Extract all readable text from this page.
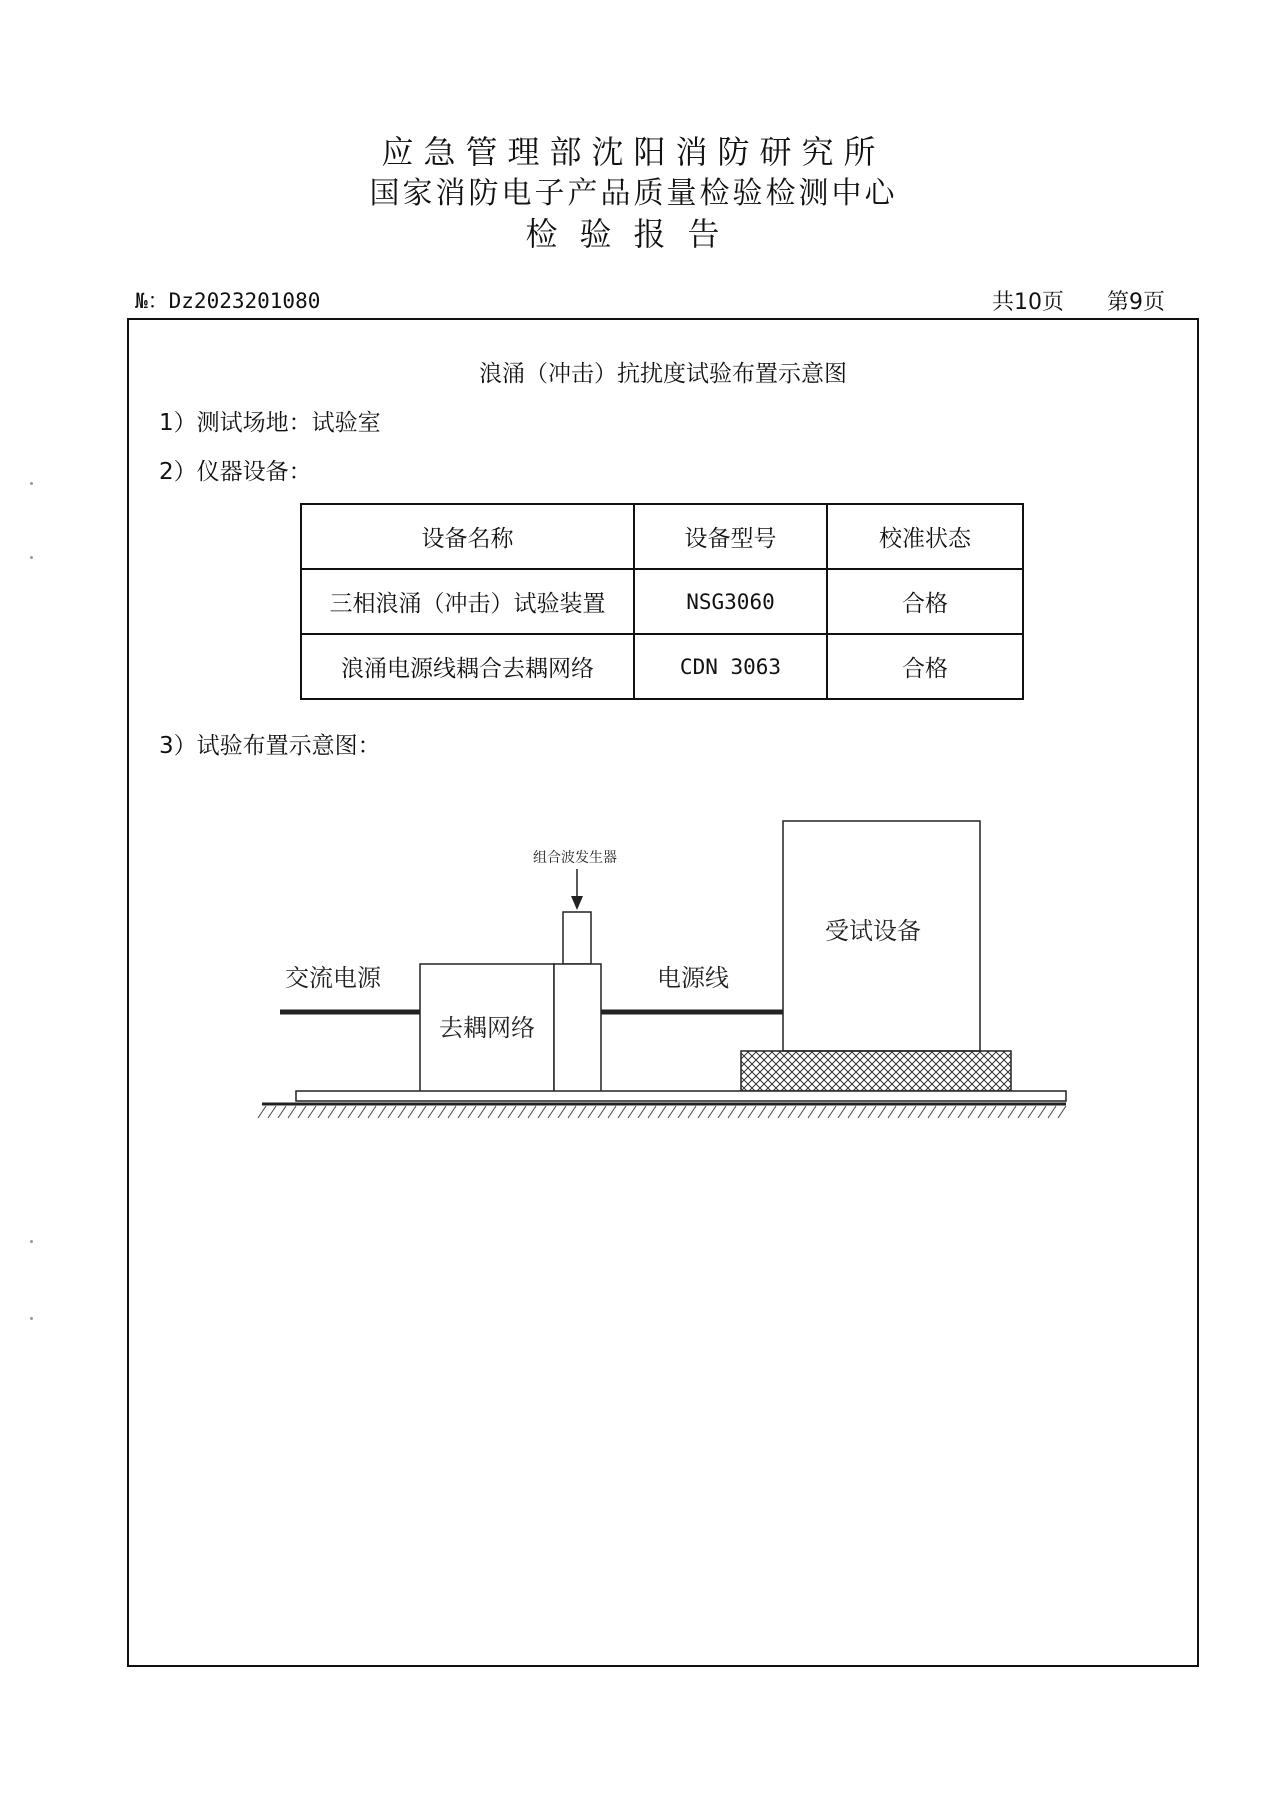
应急管理部沈阳消防研究所
国家消防电子产品质量检验检测中心
检验报告
№：Dz2023201080	共10页 第9页
浪涌（冲击）抗扰度试验布置示意图
1）测试场地：试验室
2）仪器设备：
设备名称	设备型号	校准状态
三相浪涌（冲击）试验装置	NSG3060	合格
浪涌电源线耦合去耦网络	CDN 3063	合格
3）试验布置示意图：
组合波发生器
去耦网络
交流电源	电源线
受试设备
